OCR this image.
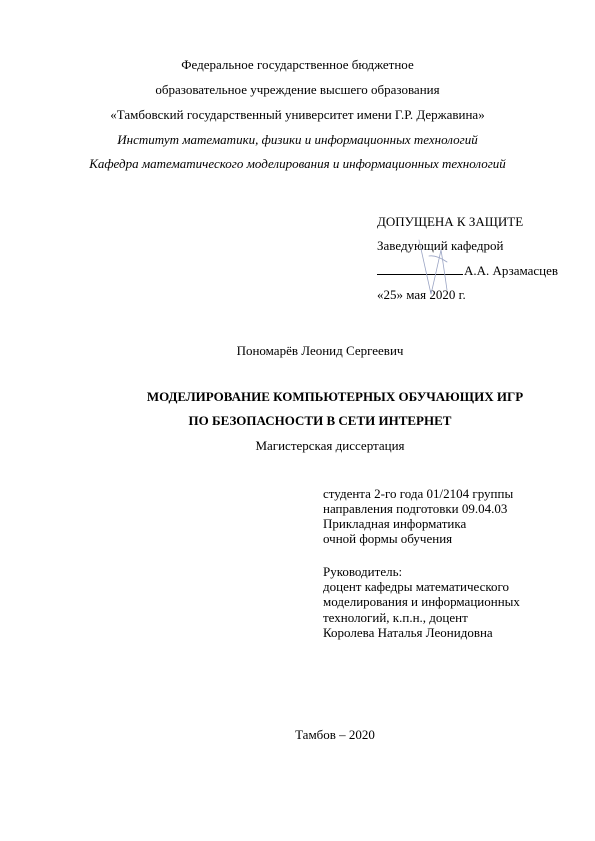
Федеральное государственное бюджетное
образовательное учреждение высшего образования
«Тамбовский государственный университет имени Г.Р. Державина»
Институт математики, физики и информационных технологий
Кафедра математического моделирования и информационных технологий
ДОПУЩЕНА К ЗАЩИТЕ
Заведующий кафедрой
А.А. Арзамасцев
«25» мая 2020 г.
Пономарёв Леонид Сергеевич
МОДЕЛИРОВАНИЕ КОМПЬЮТЕРНЫХ ОБУЧАЮЩИХ ИГР
ПО БЕЗОПАСНОСТИ В СЕТИ ИНТЕРНЕТ
Магистерская диссертация
студента 2-го года 01/2104 группы
направления подготовки 09.04.03
Прикладная информатика
очной формы обучения
Руководитель:
доцент кафедры математического
моделирования и информационных
технологий, к.п.н., доцент
Королева Наталья Леонидовна
Тамбов – 2020
